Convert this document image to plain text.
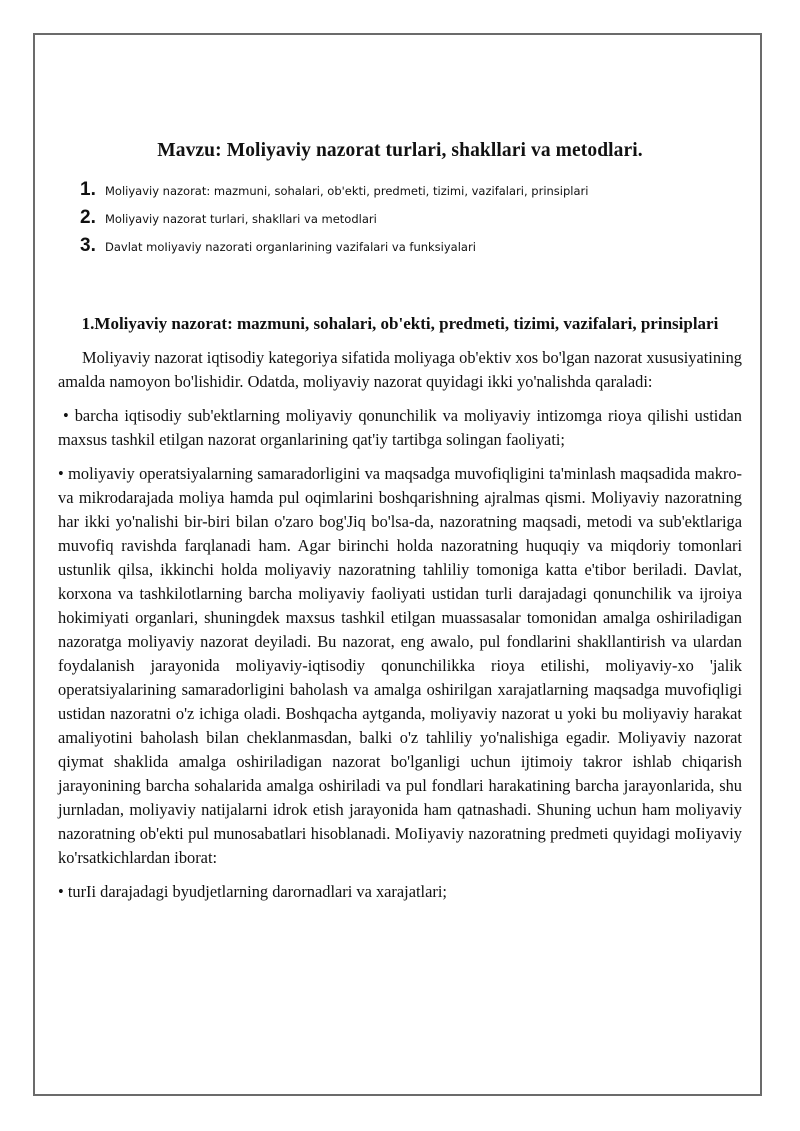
Mavzu: Moliyaviy nazorat turlari, shakllari va metodlari.
1. Moliyaviy nazorat: mazmuni, sohalari, ob'ekti, predmeti, tizimi, vazifalari, prinsiplari
2. Moliyaviy nazorat turlari, shakllari va metodlari
3. Davlat moIiyaviy nazorati organlarining vazifalari va funksiyalari
1.Moliyaviy nazorat: mazmuni, sohalari, ob'ekti, predmeti, tizimi, vazifalari, prinsiplari

Moliyaviy nazorat iqtisodiy kategoriya sifatida moliyaga ob'ektiv xos bo'lgan nazorat xususiyatining amalda namoyon bo'lishidir. Odatda, moliyaviy nazorat quyidagi ikki yo'nalishda qaraladi:

• barcha iqtisodiy sub'ektlarning moliyaviy qonunchilik va moliyaviy intizomga rioya qilishi ustidan maxsus tashkil etilgan nazorat organlarining qat'iy tartibga solingan faoliyati;

• moliyaviy operatsiyalarning samaradorligini va maqsadga muvofiqligini ta'minlash maqsadida makro- va mikrodarajada moliya hamda pul oqimlarini boshqarishning ajralmas qismi. Moliyaviy nazoratning har ikki yo'nalishi bir-biri bilan o'zaro bog'Jiq bo'lsa-da, nazoratning maqsadi, metodi va sub'ektlariga muvofiq ravishda farqlanadi ham. Agar birinchi holda nazoratning huquqiy va miqdoriy tomonlari ustunlik qilsa, ikkinchi holda moliyaviy nazoratning tahliliy tomoniga katta e'tibor beriladi. Davlat, korxona va tashkilotlarning barcha moliyaviy faoliyati ustidan turli darajadagi qonunchilik va ijroiya hokimiyati organlari, shuningdek maxsus tashkil etilgan muassasalar tomonidan amalga oshiriladigan nazoratga moliyaviy nazorat deyiladi. Bu nazorat, eng awalo, pul fondlarini shakllantirish va ulardan foydalanish jarayonida moliyaviy-iqtisodiy qonunchilikka rioya etilishi, moliyaviy-xo 'jalik operatsiyalarining samaradorligini baholash va amalga oshirilgan xarajatlarning maqsadga muvofiqligi ustidan nazoratni o'z ichiga oladi. Boshqacha aytganda, moliyaviy nazorat u yoki bu moliyaviy harakat amaliyotini baholash bilan cheklanmasdan, balki o'z tahliliy yo'nalishiga egadir. Moliyaviy nazorat qiymat shaklida amalga oshiriladigan nazorat bo'lganligi uchun ijtimoiy takror ishlab chiqarish jarayonining barcha sohalarida amalga oshiriladi va pul fondlari harakatining barcha jarayonlarida, shu jurnladan, moliyaviy natijalarni idrok etish jarayonida ham qatnashadi. Shuning uchun ham moliyaviy nazoratning ob'ekti pul munosabatlari hisoblanadi. MoIiyaviy nazoratning predmeti quyidagi moIiyaviy ko'rsatkichlardan iborat:

• turIi darajadagi byudjetlarning darornadlari va xarajatlari;
